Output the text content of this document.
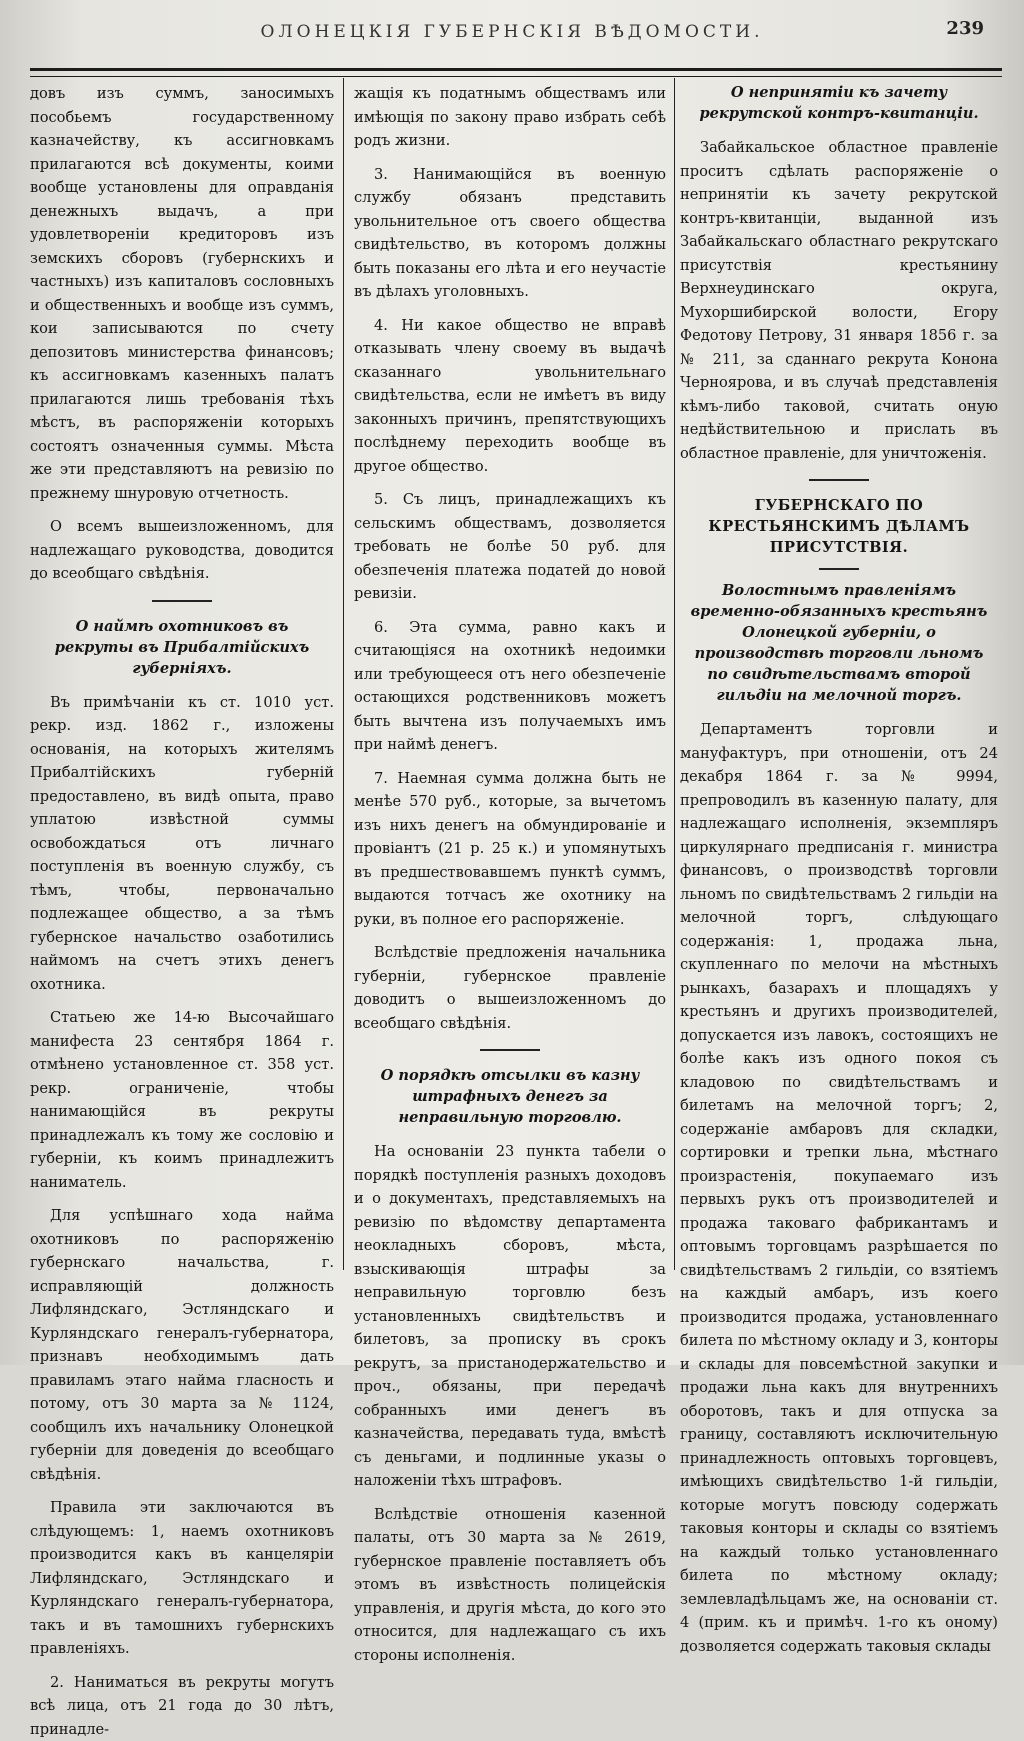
ОЛОНЕЦКІЯ ГУБЕРНСКІЯ ВѢДОМОСТИ.	239

довъ изъ суммъ, заносимыхъ пособьемъ государственному казначейству, къ ассигновкамъ прилагаются всѣ документы, коими вообще установлены для оправданія денежныхъ выдачъ, а при удовлетвореніи кредиторовъ изъ земскихъ сборовъ (губернскихъ и частныхъ) изъ капиталовъ сословныхъ и общественныхъ и вообще изъ суммъ, кои записываются по счету депозитовъ министерства финансовъ; къ ассигновкамъ казенныхъ палатъ прилагаются лишь требованія тѣхъ мѣстъ, въ распоряженіи которыхъ состоятъ означенныя суммы. Мѣста же эти представляютъ на ревизію по прежнему шнуровую отчетность.

О всемъ вышеизложенномъ, для надлежащаго руководства, доводится до всеобщаго свѣдѣнія.

О наймѣ охотниковъ въ рекруты въ Прибалтійскихъ губерніяхъ.

Въ примѣчаніи къ ст. 1010 уст. рекр. изд. 1862 г., изложены основанія, на которыхъ жителямъ Прибалтійскихъ губерній предоставлено, въ видѣ опыта, право уплатою извѣстной суммы освобождаться отъ личнаго поступленія въ военную службу, съ тѣмъ, чтобы, первоначально подлежащее общество, а за тѣмъ губернское начальство озаботились наймомъ на счетъ этихъ денегъ охотника.

Статьею же 14-ю Высочайшаго манифеста 23 сентября 1864 г. отмѣнено установленное ст. 358 уст. рекр. ограниченіе, чтобы нанимающійся въ рекруты принадлежалъ къ тому же сословію и губерніи, къ коимъ принадлежитъ наниматель.

Для успѣшнаго хода найма охотниковъ по распоряженію губернскаго начальства, г. исправляющій должность Лифляндскаго, Эстляндскаго и Курляндскаго генералъ-губернатора, признавъ необходимымъ дать правиламъ этаго найма гласность и потому, отъ 30 марта за № 1124, сообщилъ ихъ начальнику Олонецкой губерніи для доведенія до всеобщаго свѣдѣнія.

Правила эти заключаются въ слѣдующемъ: 1, наемъ охотниковъ производится какъ въ канцеляріи Лифляндскаго, Эстляндскаго и Курляндскаго генералъ-губернатора, такъ и въ тамошнихъ губернскихъ правленіяхъ.

2. Наниматься въ рекруты могутъ всѣ лица, отъ 21 года до 30 лѣтъ, принадле-

жащія къ податнымъ обществамъ или имѣющія по закону право избрать себѣ родъ жизни.

3. Нанимающійся въ военную службу обязанъ представить увольнительное отъ своего общества свидѣтельство, въ которомъ должны быть показаны его лѣта и его неучастіе въ дѣлахъ уголовныхъ.

4. Ни какое общество не вправѣ отказывать члену своему въ выдачѣ сказаннаго увольнительнаго свидѣтельства, если не имѣетъ въ виду законныхъ причинъ, препятствующихъ послѣднему переходить вообще въ другое общество.

5. Съ лицъ, принадлежащихъ къ сельскимъ обществамъ, дозволяется требовать не болѣе 50 руб. для обезпеченія платежа податей до новой ревизіи.

6. Эта сумма, равно какъ и считающіяся на охотникѣ недоимки или требующееся отъ него обезпеченіе остающихся родственниковъ можетъ быть вычтена изъ получаемыхъ имъ при наймѣ денегъ.

7. Наемная сумма должна быть не менѣе 570 руб., которые, за вычетомъ изъ нихъ денегъ на обмундированіе и провіантъ (21 р. 25 к.) и упомянутыхъ въ предшествовавшемъ пунктѣ суммъ, выдаются тотчасъ же охотнику на руки, въ полное его распоряженіе.

Вслѣдствіе предложенія начальника губерніи, губернское правленіе доводитъ о вышеизложенномъ до всеобщаго свѣдѣнія.

О порядкѣ отсылки въ казну штрафныхъ денегъ за неправильную торговлю.

На основаніи 23 пункта табели о порядкѣ поступленія разныхъ доходовъ и о документахъ, представляемыхъ на ревизію по вѣдомству департамента неокладныхъ сборовъ, мѣста, взыскивающія штрафы за неправильную торговлю безъ установленныхъ свидѣтельствъ и билетовъ, за прописку въ срокъ рекрутъ, за пристанодержательство и проч., обязаны, при передачѣ собранныхъ ими денегъ въ казначейства, передавать туда, вмѣстѣ съ деньгами, и подлинные указы о наложеніи тѣхъ штрафовъ.

Вслѣдствіе отношенія казенной палаты, отъ 30 марта за № 2619, губернское правленіе поставляетъ объ этомъ въ извѣстность полицейскія управленія, и другія мѣста, до кого это относится, для надлежащаго съ ихъ стороны исполненія.

О непринятіи къ зачету рекрутской контръ-квитанціи.

Забайкальское областное правленіе проситъ сдѣлать распоряженіе о непринятіи къ зачету рекрутской контръ-квитанціи, выданной изъ Забайкальскаго областнаго рекрутскаго присутствія крестьянину Верхнеудинскаго округа, Мухоршибирской волости, Егору Федотову Петрову, 31 января 1856 г. за № 211, за сданнаго рекрута Конона Черноярова, и въ случаѣ представленія кѣмъ-либо таковой, считать оную недѣйствительною и прислать въ областное правленіе, для уничтоженія.

ГУБЕРНСКАГО ПО КРЕСТЬЯНСКИМЪ ДѢЛАМЪ ПРИСУТСТВІЯ.
Волостнымъ правленіямъ временно-обязанныхъ крестьянъ Олонецкой губерніи, о производствѣ торговли льномъ по свидѣтельствамъ второй гильдіи на мелочной торгъ.

Департаментъ торговли и мануфактуръ, при отношеніи, отъ 24 декабря 1864 г. за № 9994, препроводилъ въ казенную палату, для надлежащаго исполненія, экземпляръ циркулярнаго предписанія г. министра финансовъ, о производствѣ торговли льномъ по свидѣтельствамъ 2 гильдіи на мелочной торгъ, слѣдующаго содержанія: 1, продажа льна, скупленнаго по мелочи на мѣстныхъ рынкахъ, базарахъ и площадяхъ у крестьянъ и другихъ производителей, допускается изъ лавокъ, состоящихъ не болѣе какъ изъ одного покоя съ кладовою по свидѣтельствамъ и билетамъ на мелочной торгъ; 2, содержаніе амбаровъ для складки, сортировки и трепки льна, мѣстнаго произрастенія, покупаемаго изъ первыхъ рукъ отъ производителей и продажа таковаго фабрикантамъ и оптовымъ торговцамъ разрѣшается по свидѣтельствамъ 2 гильдіи, со взятіемъ на каждый амбаръ, изъ коего производится продажа, установленнаго билета по мѣстному окладу и 3, конторы и склады для повсемѣстной закупки и продажи льна какъ для внутреннихъ оборотовъ, такъ и для отпуска за границу, составляютъ исключительную принадлежность оптовыхъ торговцевъ, имѣющихъ свидѣтельство 1-й гильдіи, которые могутъ повсюду содержать таковыя конторы и склады со взятіемъ на каждый только установленнаго билета по мѣстному окладу; землевладѣльцамъ же, на основаніи ст. 4 (прим. къ и примѣч. 1-го къ оному) дозволяется содержать таковыя склады
